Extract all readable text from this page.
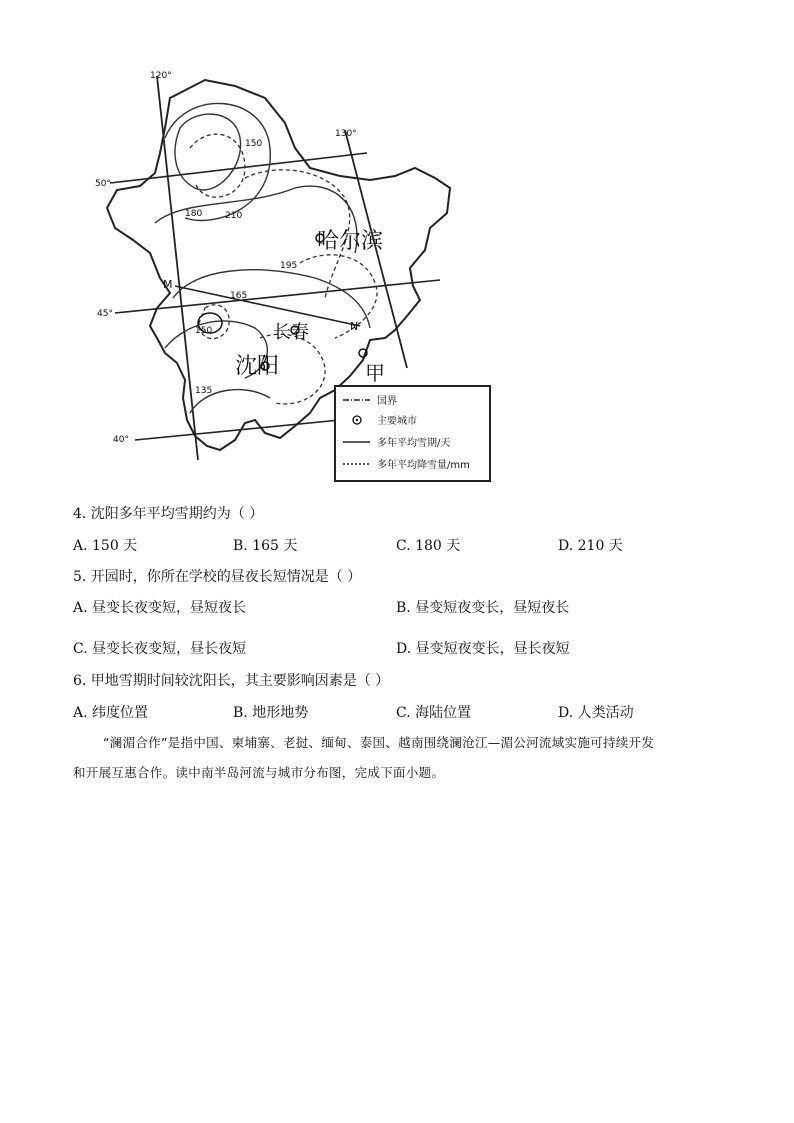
哈尔滨
沈阳
长春
甲
M
N
120°
130°
50°
45°
40°
150
180	210
165
135
195
150
国界
主要城市
多年平均雪期/天
多年平均降雪量/mm
4. 沈阳多年平均雪期约为（ ）
A. 150 天	B. 165 天	C. 180 天	D. 210 天
5. 开园时，你所在学校的昼夜长短情况是（ ）
A. 昼变长夜变短，昼短夜长	B. 昼变短夜变长，昼短夜长
C. 昼变长夜变短，昼长夜短	D. 昼变短夜变长，昼长夜短
6. 甲地雪期时间较沈阳长，其主要影响因素是（ ）
A. 纬度位置	B. 地形地势	C. 海陆位置	D. 人类活动
“澜湄合作”是指中国、柬埔寨、老挝、缅甸、泰国、越南围绕澜沧江—湄公河流域实施可持续开发
和开展互惠合作。读中南半岛河流与城市分布图，完成下面小题。
